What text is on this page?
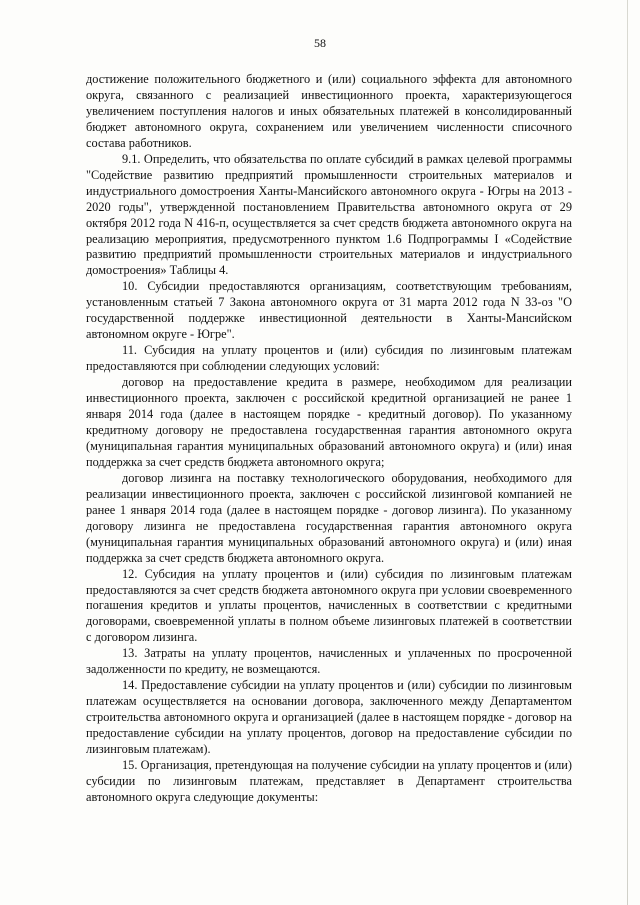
58

достижение положительного бюджетного и (или) социального эффекта для автономного округа, связанного с реализацией инвестиционного проекта, характеризующегося увеличением поступления налогов и иных обязательных платежей в консолидированный бюджет автономного округа, сохранением или увеличением численности списочного состава работников.

9.1. Определить, что обязательства по оплате субсидий в рамках целевой программы "Содействие развитию предприятий промышленности строительных материалов и индустриального домостроения Ханты-Мансийского автономного округа - Югры на 2013 - 2020 годы", утвержденной постановлением Правительства автономного округа от 29 октября 2012 года N 416-п, осуществляется за счет средств бюджета автономного округа на реализацию мероприятия, предусмотренного пунктом 1.6 Подпрограммы I «Содействие развитию предприятий промышленности строительных материалов и индустриального домостроения» Таблицы 4.

10. Субсидии предоставляются организациям, соответствующим требованиям, установленным статьей 7 Закона автономного округа от 31 марта 2012 года N 33-оз "О государственной поддержке инвестиционной деятельности в Ханты-Мансийском автономном округе - Югре".

11. Субсидия на уплату процентов и (или) субсидия по лизинговым платежам предоставляются при соблюдении следующих условий:

договор на предоставление кредита в размере, необходимом для реализации инвестиционного проекта, заключен с российской кредитной организацией не ранее 1 января 2014 года (далее в настоящем порядке - кредитный договор). По указанному кредитному договору не предоставлена государственная гарантия автономного округа (муниципальная гарантия муниципальных образований автономного округа) и (или) иная поддержка за счет средств бюджета автономного округа;

договор лизинга на поставку технологического оборудования, необходимого для реализации инвестиционного проекта, заключен с российской лизинговой компанией не ранее 1 января 2014 года (далее в настоящем порядке - договор лизинга). По указанному договору лизинга не предоставлена государственная гарантия автономного округа (муниципальная гарантия муниципальных образований автономного округа) и (или) иная поддержка за счет средств бюджета автономного округа.

12. Субсидия на уплату процентов и (или) субсидия по лизинговым платежам предоставляются за счет средств бюджета автономного округа при условии своевременного погашения кредитов и уплаты процентов, начисленных в соответствии с кредитными договорами, своевременной уплаты в полном объеме лизинговых платежей в соответствии с договором лизинга.

13. Затраты на уплату процентов, начисленных и уплаченных по просроченной задолженности по кредиту, не возмещаются.

14. Предоставление субсидии на уплату процентов и (или) субсидии по лизинговым платежам осуществляется на основании договора, заключенного между Департаментом строительства автономного округа и организацией (далее в настоящем порядке - договор на предоставление субсидии на уплату процентов, договор на предоставление субсидии по лизинговым платежам).

15. Организация, претендующая на получение субсидии на уплату процентов и (или) субсидии по лизинговым платежам, представляет в Департамент строительства автономного округа следующие документы:
